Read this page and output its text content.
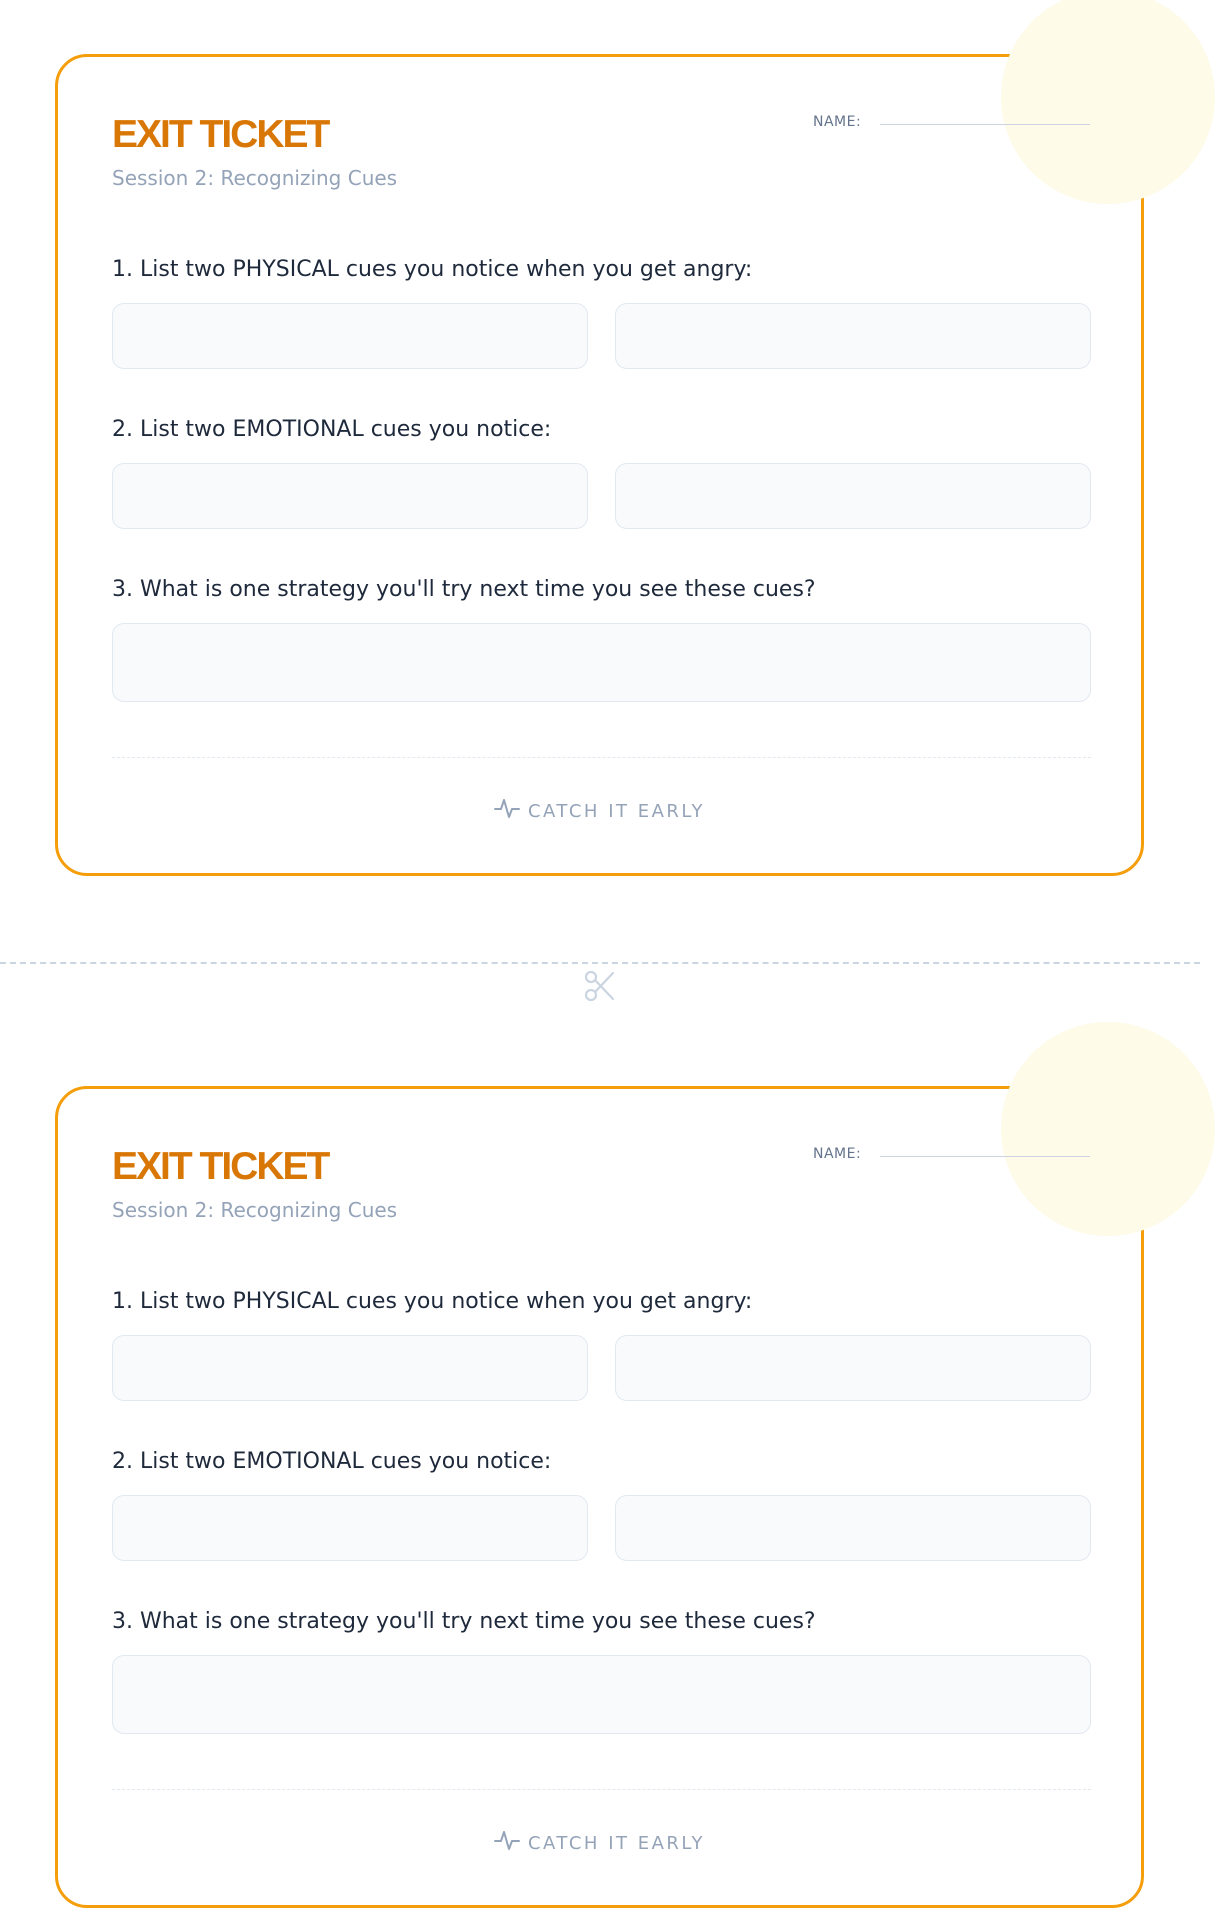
EXIT TICKET
Session 2: Recognizing Cues
NAME:
1. List two PHYSICAL cues you notice when you get angry:
2. List two EMOTIONAL cues you notice:
3. What is one strategy you'll try next time you see these cues?
CATCH IT EARLY
EXIT TICKET
Session 2: Recognizing Cues
NAME:
1. List two PHYSICAL cues you notice when you get angry:
2. List two EMOTIONAL cues you notice:
3. What is one strategy you'll try next time you see these cues?
CATCH IT EARLY
